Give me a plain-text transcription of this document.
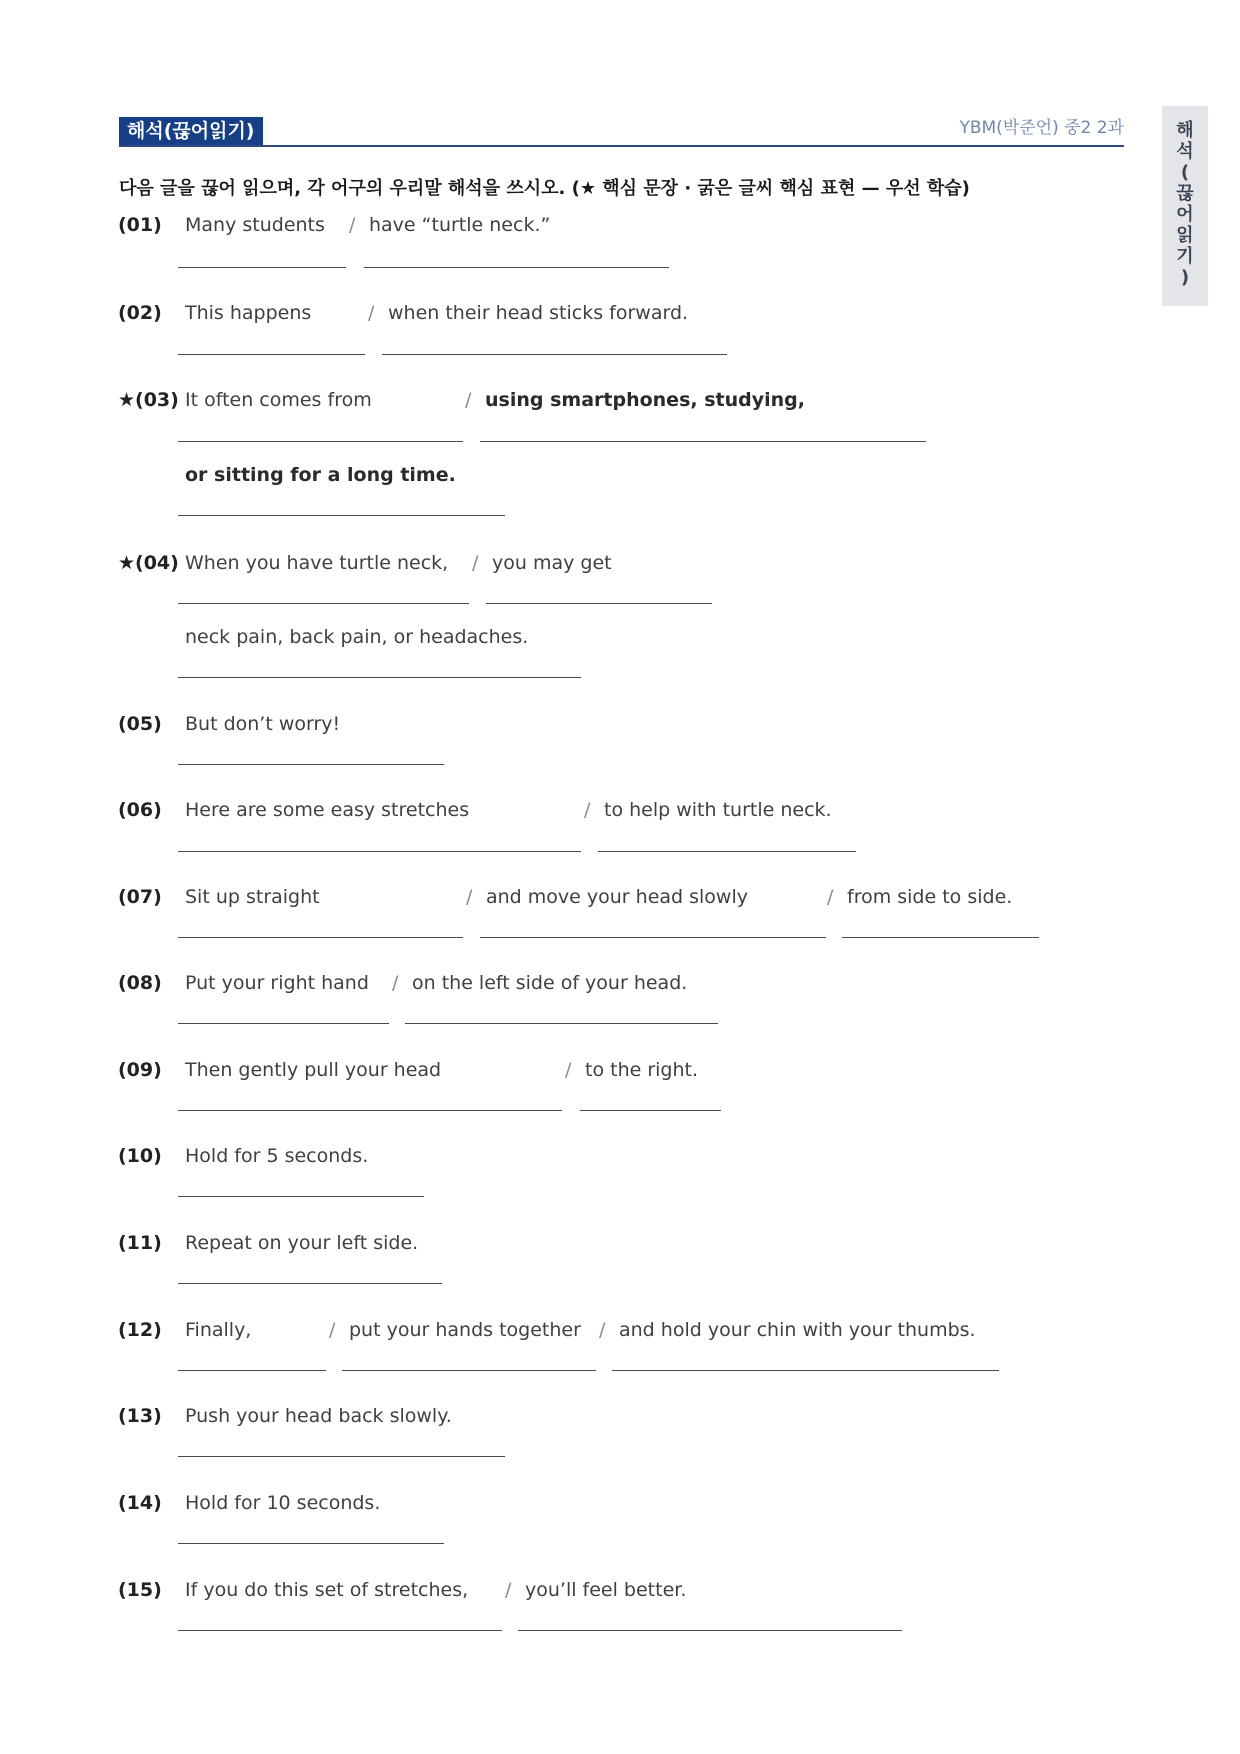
해석(끊어읽기)	YBM(박준언) 중2 2과	해
석
(
끊
어
읽
기
)
다음 글을 끊어 읽으며, 각 어구의 우리말 해석을 쓰시오. (★ 핵심 문장 · 굵은 글씨 핵심 표현 — 우선 학습)
(01) Many students / have “turtle neck.”
(02) This happens	/ when their head sticks forward.
★(03) It often comes from	/ using smartphones, studying,
or sitting for a long time.
★(04) When you have turtle neck, / you may get
neck pain, back pain, or headaches.
(05) But don’t worry!
(06) Here are some easy stretches	/ to help with turtle neck.
(07) Sit up straight	/ and move your head slowly	/ from side to side.
(08) Put your right hand / on the left side of your head.
(09) Then gently pull your head	/ to the right.
(10) Hold for 5 seconds.
(11) Repeat on your left side.
(12) Finally,	/ put your hands together / and hold your chin with your thumbs.
(13) Push your head back slowly.
(14) Hold for 10 seconds.
(15) If you do this set of stretches, / you’ll feel better.
